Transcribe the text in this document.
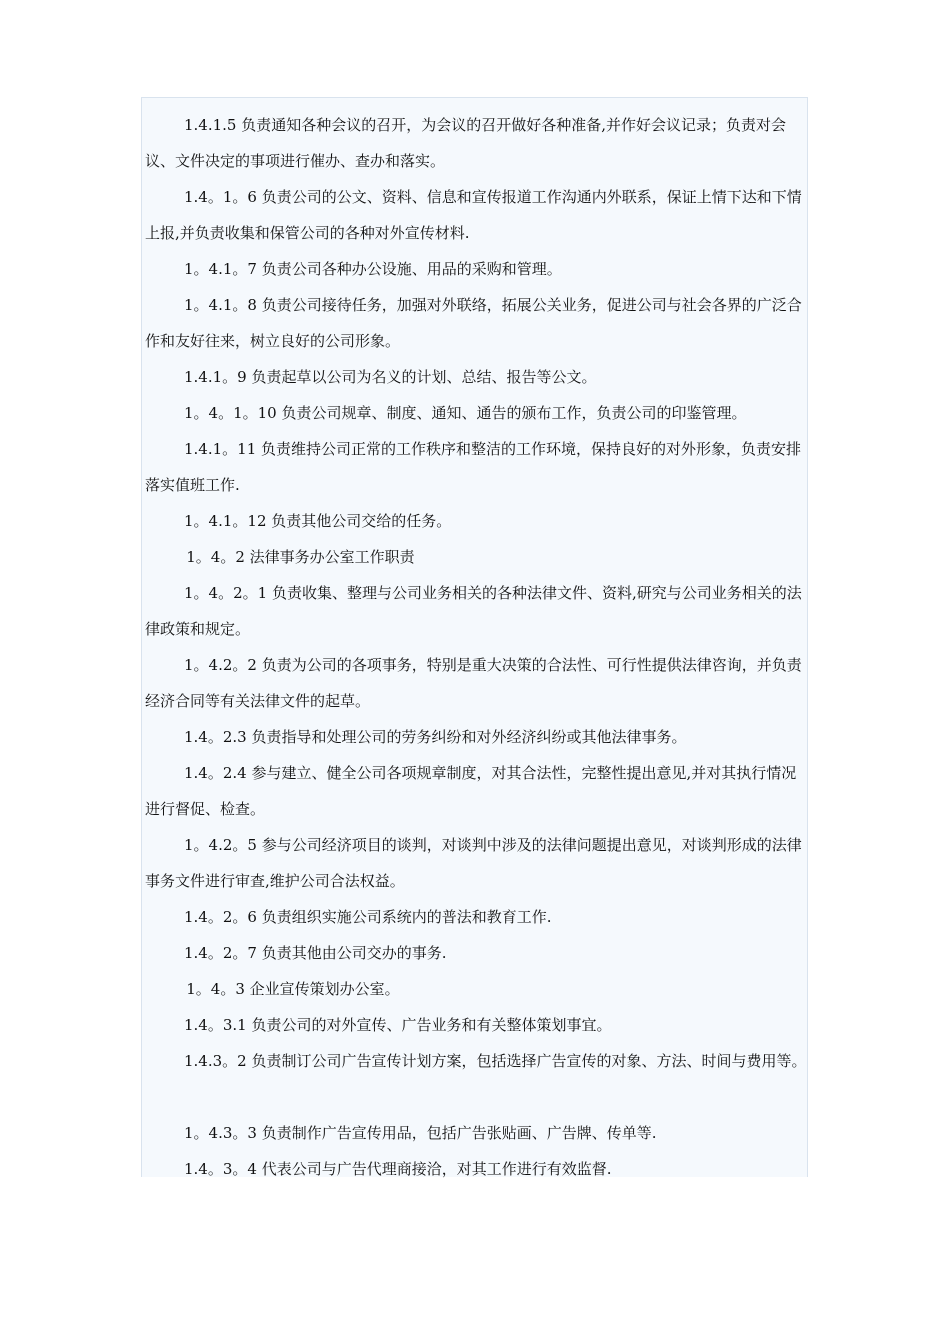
1.4.1.5 负责通知各种会议的召开，为会议的召开做好各种准备,并作好会议记录；负责对会议、文件决定的事项进行催办、查办和落实。

1.4。1。6 负责公司的公文、资料、信息和宣传报道工作沟通内外联系，保证上情下达和下情上报,并负责收集和保管公司的各种对外宣传材料.

1。4.1。7 负责公司各种办公设施、用品的采购和管理。

1。4.1。8 负责公司接待任务，加强对外联络，拓展公关业务，促进公司与社会各界的广泛合作和友好往来，树立良好的公司形象。

1.4.1。9 负责起草以公司为名义的计划、总结、报告等公文。

1。4。1。10 负责公司规章、制度、通知、通告的颁布工作，负责公司的印鉴管理。

1.4.1。11 负责维持公司正常的工作秩序和整洁的工作环境，保持良好的对外形象，负责安排落实值班工作.

1。4.1。12 负责其他公司交给的任务。

1。4。2 法律事务办公室工作职责

1。4。2。1 负责收集、整理与公司业务相关的各种法律文件、资料,研究与公司业务相关的法律政策和规定。

1。4.2。2 负责为公司的各项事务，特别是重大决策的合法性、可行性提供法律咨询，并负责经济合同等有关法律文件的起草。

1.4。2.3 负责指导和处理公司的劳务纠纷和对外经济纠纷或其他法律事务。

1.4。2.4 参与建立、健全公司各项规章制度，对其合法性，完整性提出意见,并对其执行情况进行督促、检查。

1。4.2。5 参与公司经济项目的谈判，对谈判中涉及的法律问题提出意见，对谈判形成的法律事务文件进行审查,维护公司合法权益。

1.4。2。6 负责组织实施公司系统内的普法和教育工作.

1.4。2。7 负责其他由公司交办的事务.

1。4。3 企业宣传策划办公室。

1.4。3.1 负责公司的对外宣传、广告业务和有关整体策划事宜。

1.4.3。2 负责制订公司广告宣传计划方案，包括选择广告宣传的对象、方法、时间与费用等。

1。4.3。3 负责制作广告宣传用品，包括广告张贴画、广告牌、传单等.

1.4。3。4 代表公司与广告代理商接洽，对其工作进行有效监督.
